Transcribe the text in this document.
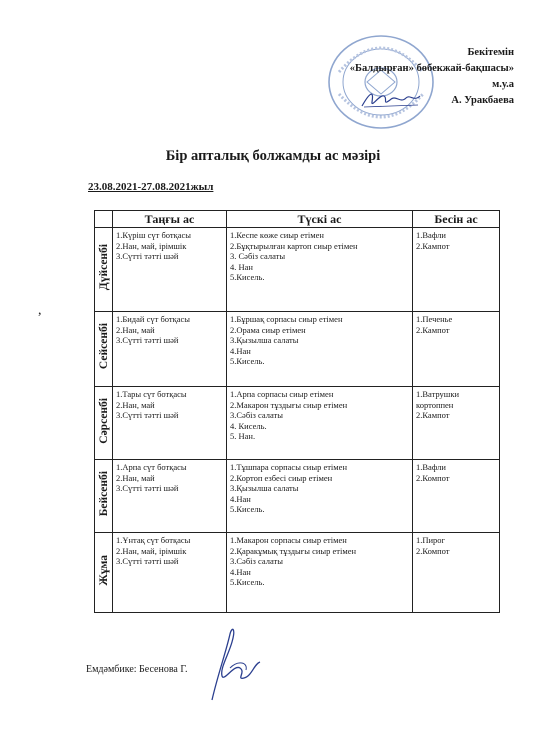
Бекітемін
«Балдырған» бөбекжай-бақшасы»
м.у.а
А. Уракбаева
,
Бір апталық болжамды ас мәзірі
23.08.2021-27.08.2021жыл
	Таңғы ас	Түскі ас	Бесін ас
Дүйсенбі	1.Күріш сүт ботқасы
2.Нан, май, ірімшік
3.Сүтті тәтті шәй	1.Кеспе көже сиыр етімен
2.Бұқтырылған картоп сиыр етімен
3. Сәбіз салаты
4. Нан
5.Кисель.	1.Вафли
2.Кампот

Сейсенбі	1.Бидай сүт ботқасы
2.Нан, май
3.Сүтті тәтті шәй	1.Бұршақ сорпасы сиыр етімен
2.Орама сиыр етімен
3.Қызылша салаты
4.Нан
5.Кисель.	1.Печенье
2.Кампот

Сәрсенбі	1.Тары сүт ботқасы
2.Нан, май
3.Сүтті тәтті шәй	1.Арпа сорпасы сиыр етімен
2.Макарон тұздығы сиыр етімен
3.Сәбіз салаты
4. Кисель.
5. Нан.	1.Ватрушки
кортоппен
2.Кампот

Бейсенбі	1.Арпа сүт ботқасы
2.Нан, май
3.Сүтті тәтті шәй	1.Тұшпара сорпасы сиыр етімен
2.Кортоп езбесі сиыр етімен
3.Қызылша салаты
4.Нан
5.Кисель.	1.Вафли
2.Компот

Жұма	1.Ұнтақ сүт ботқасы
2.Нан, май, ірімшік
3.Сүтті тәтті шәй	1.Макарон сорпасы сиыр етімен
2.Қаракұмық тұздығы сиыр етімен
3.Сәбіз салаты
4.Нан
5.Кисель.	1.Пирог
2.Компот
Емдәмбике: Бесенова Г.
